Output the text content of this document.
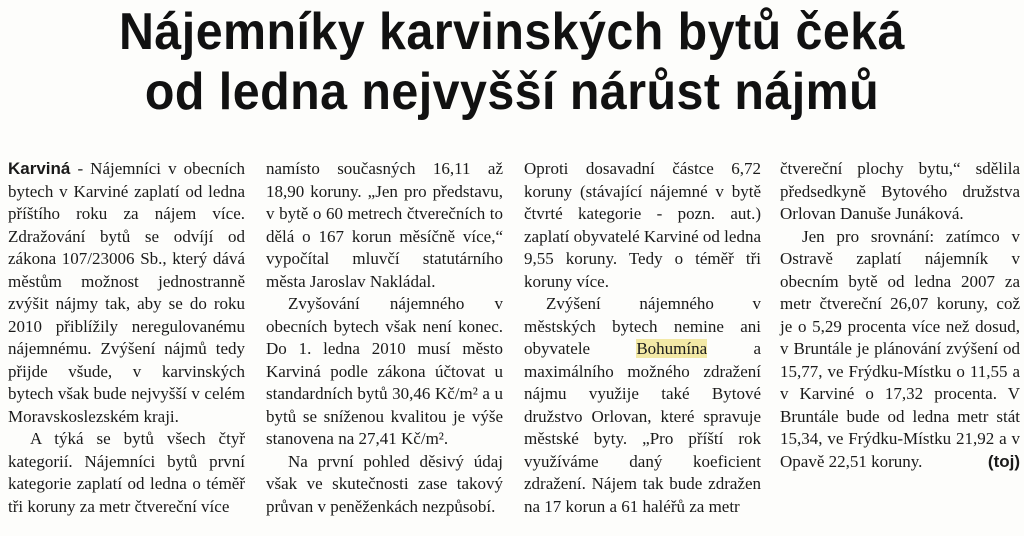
Nájemníky karvinských bytů čeká
od ledna nejvyšší nárůst nájmů

Karviná - Nájemníci v obecních bytech v Karviné zaplatí od ledna příštího roku za nájem více. Zdražování bytů se odvíjí od zákona 107/23006 Sb., který dává městům možnost jednostranně zvýšit nájmy tak, aby se do roku 2010 přiblížily neregulovanému nájemnému. Zvýšení nájmů tedy přijde všude, v karvinských bytech však bude nejvyšší v celém Moravskoslezském kraji.

A týká se bytů všech čtyř kategorií. Nájemníci bytů první kategorie zaplatí od ledna o téměř tři koruny za metr čtvereční více

namísto současných 16,11 až 18,90 koruny. „Jen pro představu, v bytě o 60 metrech čtverečních to dělá o 167 korun měsíčně více,“ vypočítal mluvčí statutárního města Jaroslav Nakládal.

Zvyšování nájemného v obecních bytech však není konec. Do 1. ledna 2010 musí město Karviná podle zákona účtovat u standardních bytů 30,46 Kč/m² a u bytů se sníženou kvalitou je výše stanovena na 27,41 Kč/m².

Na první pohled děsivý údaj však ve skutečnosti zase takový průvan v peněženkách nezpůsobí.

Oproti dosavadní částce 6,72 koruny (stávající nájemné v bytě čtvrté kategorie - pozn. aut.) zaplatí obyvatelé Karviné od ledna 9,55 koruny. Tedy o téměř tři koruny více.

Zvýšení nájemného v městských bytech nemine ani obyvatele Bohumína a maximálního možného zdražení nájmu využije také Bytové družstvo Orlovan, které spravuje městské byty. „Pro příští rok využíváme daný koeficient zdražení. Nájem tak bude zdražen na 17 korun a 61 haléřů za metr

čtvereční plochy bytu,“ sdělila předsedkyně Bytového družstva Orlovan Danuše Junáková.

Jen pro srovnání: zatímco v Ostravě zaplatí nájemník v obecním bytě od ledna 2007 za metr čtvereční 26,07 koruny, což je o 5,29 procenta více než dosud, v Bruntále je plánování zvýšení od 15,77, ve Frýdku-Místku o 11,55 a v Karviné o 17,32 procenta. V Bruntále bude od ledna metr stát 15,34, ve Frýdku-Místku 21,92 a v Opavě 22,51 koruny.	(toj)
